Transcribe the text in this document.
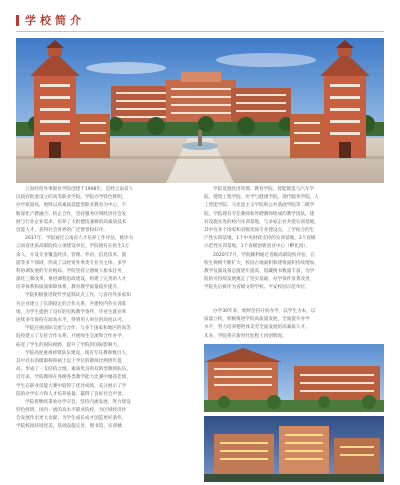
学校简介
云南经贸外事职业学院创建于1998年，是经云南省人
民政府批准设立的高等职业学院。学院办学特色鲜明，
办学质量高，始终以高素质技能型职业教育为中心，不
断深化产教融合、校企合作，坚持服务区域经济社会发
展与行业企业需求，培养了大批德技兼修的高素质技术
技能人才，获得社会各界的广泛赞誉和好评。
2017年，学院通过云南省人才培养工作评估，被评为
云南省优质高职院校立项建设单位。学院现有在校生1万
余人，开设专业覆盖经济、管理、外语、信息技术、旅
游等多个领域，形成了以经贸外事类专业为主体、多学
科协调发展的专业格局。学院坚持立德树人根本任务，
深化三教改革，推进课程思政建设，构建了完善的人才
培养体系和质量保障体系，教育教学质量稳步提升。
学院积极推进现代学徒制试点工作，与省内外多家知
名企业建立了长期稳定的合作关系，共建校内外实训基
地，为学生提供了良好的实践教学条件，毕业生就业率
连续多年保持在较高水平，得到用人单位的高度认可。
学院注重国际交流与合作，与多个国家和地区的高等
院校建立了友好合作关系，开展师生交流和合作办学，
拓宽了学生的国际视野，提升了学院的国际影响力。
学院高度重视师资队伍建设，现有专任教师数百人，
其中具有高级职称和硕士以上学位的教师比例逐年提
高，形成了一支结构合理、素质优良的双师型教师队伍。
近年来，学院教师在各级各类教学能力比赛中屡获佳绩，
学生在职业技能大赛中取得了优异成绩，充分展示了学
院的办学实力和人才培养质量，赢得了良好社会声誉。
学院将继续秉承办学宗旨，坚持内涵发展，努力建设
特色鲜明、国内一流的高水平职业院校，为区域经济社
会发展作出更大贡献，为学生成长成才创造更好条件。
学院校园环境优美，基础设施完善，图书馆、实训楼、
学院设置经济管理、教育学院、智能制造与汽车学
院、建筑工程学院、医学与健康学院、现代服务学院、人
工智能学院、马克思主义学院和公共基础学院等二级学
院，学院现有专任教师和外聘教师组成的教学团队，建
有设施先进的校内实训基地，与多家企业共建实训基地，
其中有多个国家和省级优质专业建设点，工学结合的生
产性实训基地，1个中央财政支持的实训基地，3个省级
示范性实训基地，1个省级创新创业中心（孵化园）。
2020年7月，学院顺利通过省级高职院校评估，在
校生规模不断扩大，校园占地面积和建筑面积持续增加，
教学仪器设备总值逐年提高，馆藏图书数量丰富，为学
院的可持续发展奠定了坚实基础，办学条件显著改善，
学院先后被评为省级文明学校、平安校园示范单位。
办学30年来，始终坚持开放办学，以学生为本，以
质量立校，积极推进学院高质量发展，全面提升办学
水平，努力培养德智体美劳全面发展的高素质人才。
未来，学院将在新时代征程上再创辉煌。
